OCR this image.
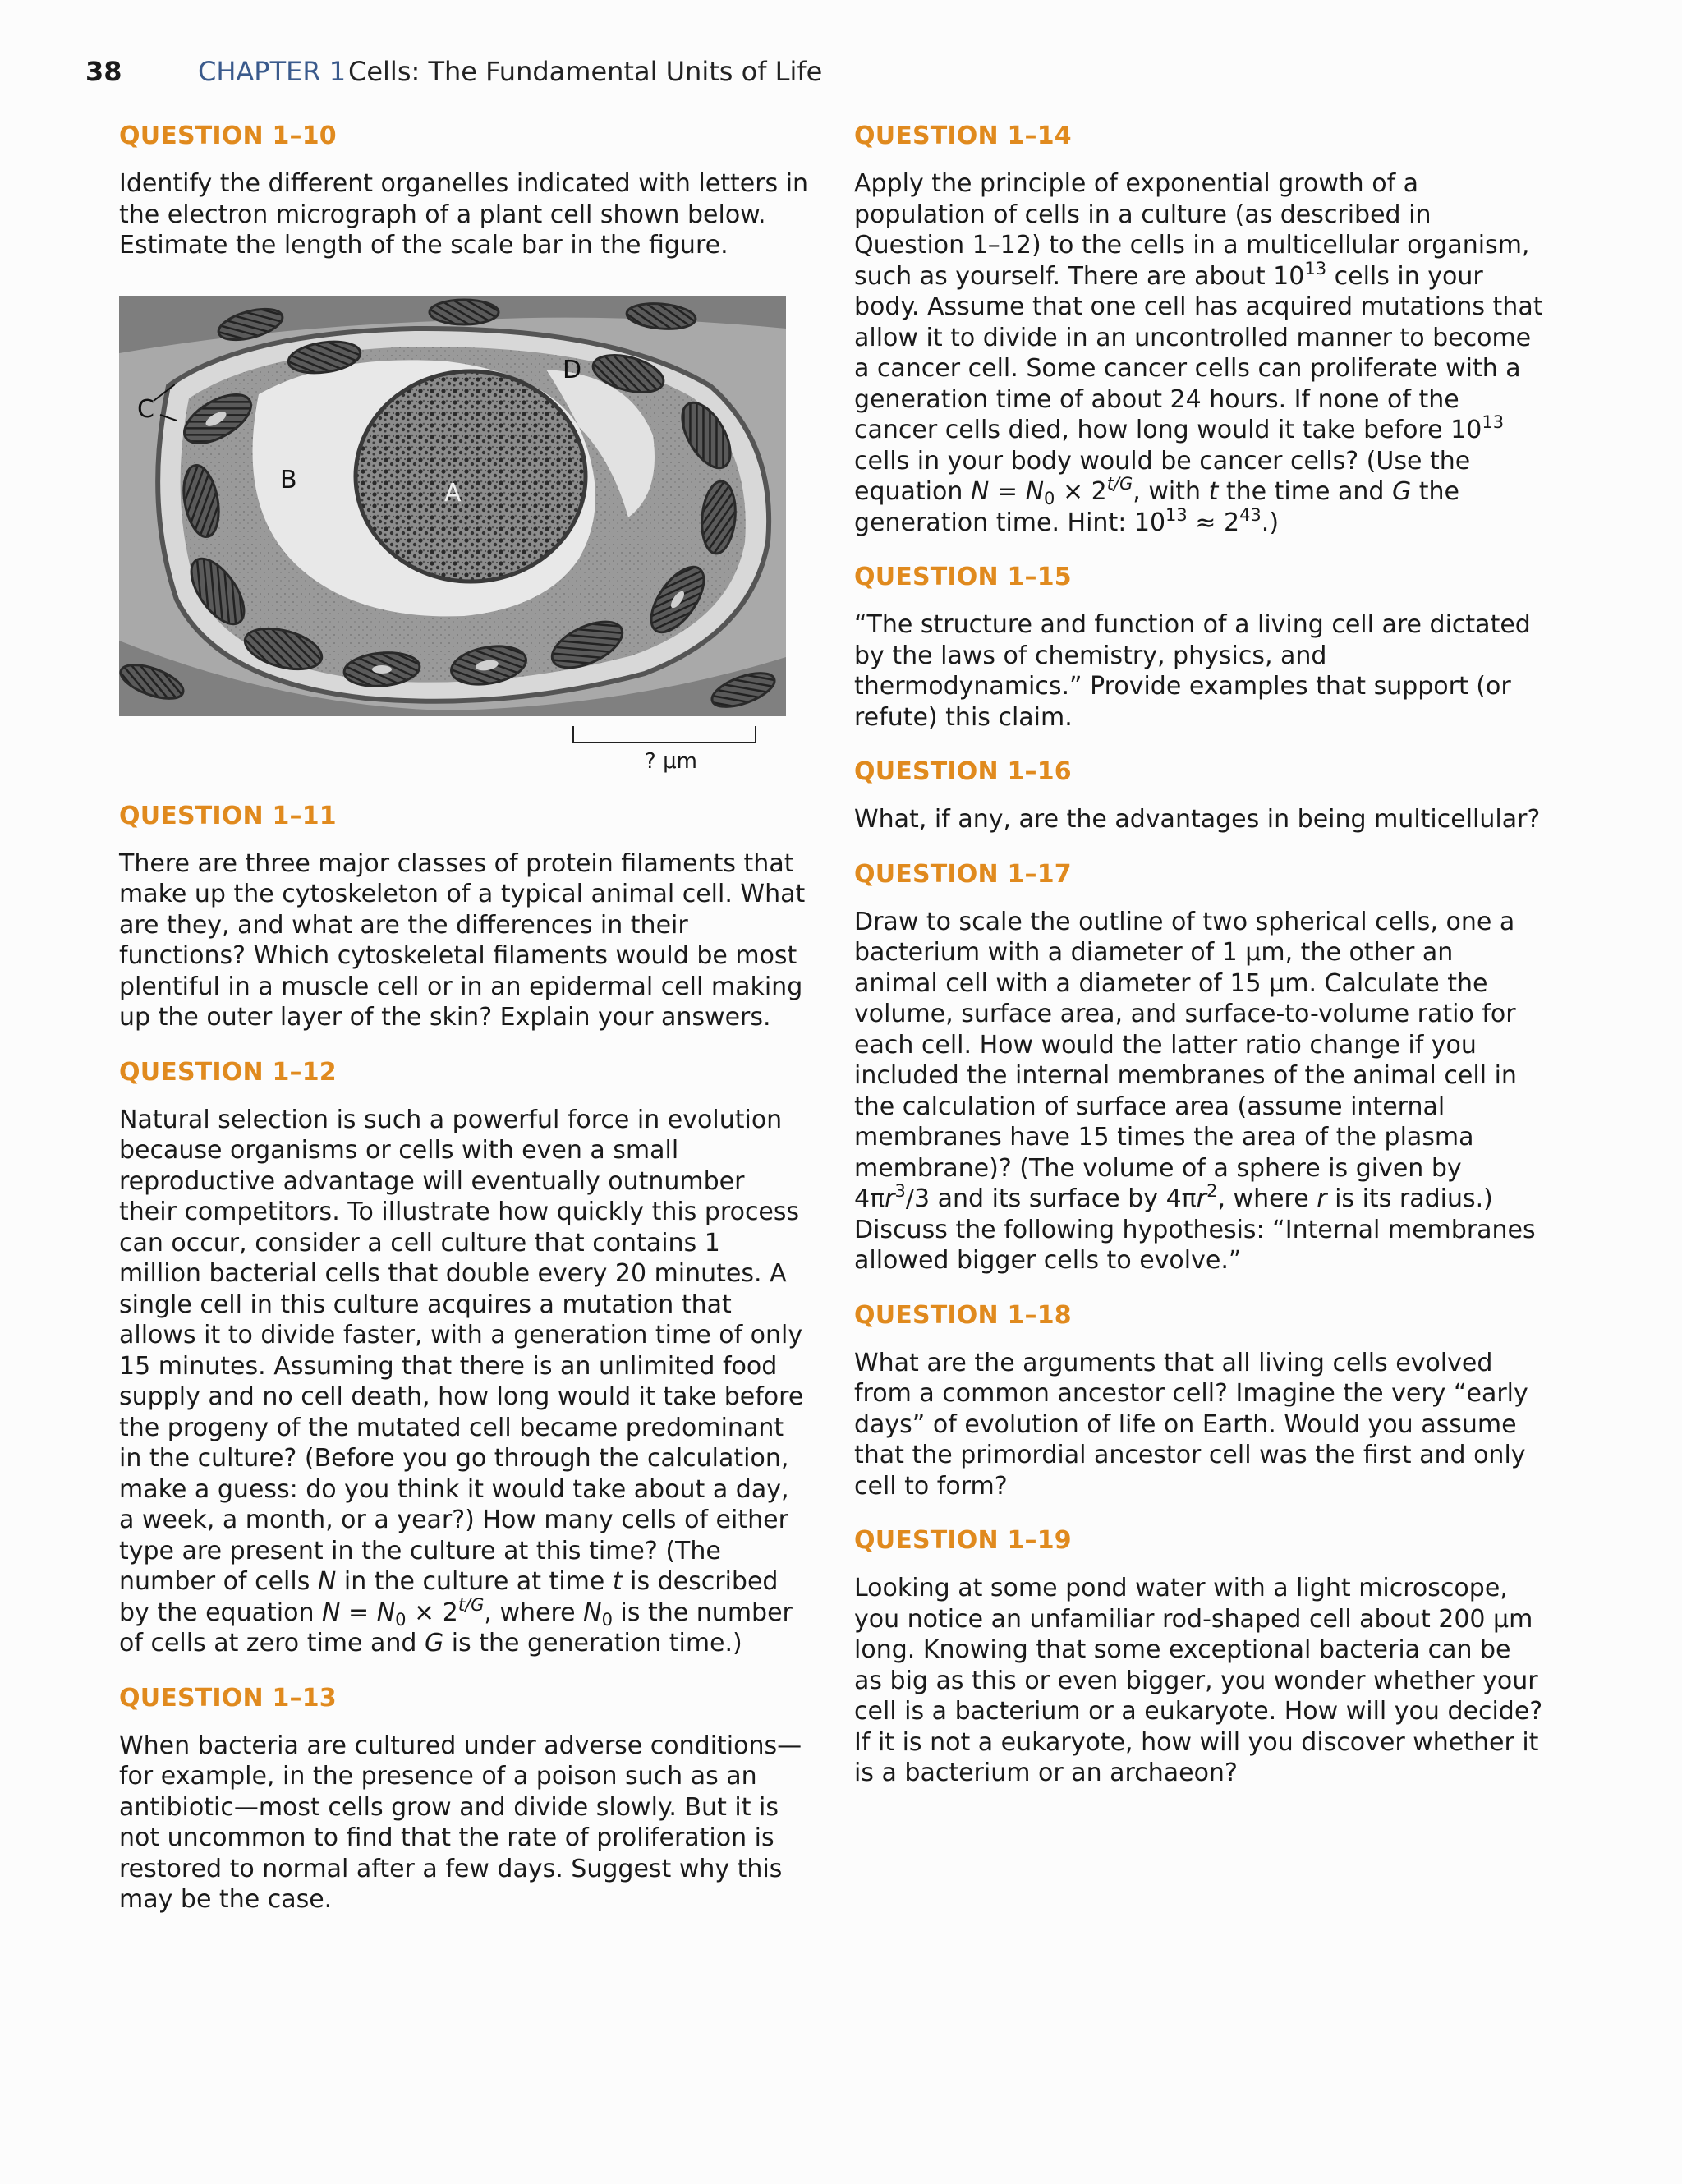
38	CHAPTER 1 Cells: The Fundamental Units of Life
QUESTION 1–10

Identify the different organelles indicated with letters in the electron micrograph of a plant cell shown below. Estimate the length of the scale bar in the figure.

A
B
C
D
? μm
QUESTION 1–11

There are three major classes of protein filaments that make up the cytoskeleton of a typical animal cell. What are they, and what are the differences in their functions? Which cytoskeletal filaments would be most plentiful in a muscle cell or in an epidermal cell making up the outer layer of the skin? Explain your answers.

QUESTION 1–12

Natural selection is such a powerful force in evolution because organisms or cells with even a small reproductive advantage will eventually outnumber their competitors. To illustrate how quickly this process can occur, consider a cell culture that contains 1 million bacterial cells that double every 20 minutes. A single cell in this culture acquires a mutation that allows it to divide faster, with a generation time of only 15 minutes. Assuming that there is an unlimited food supply and no cell death, how long would it take before the progeny of the mutated cell became predominant in the culture? (Before you go through the calculation, make a guess: do you think it would take about a day, a week, a month, or a year?) How many cells of either type are present in the culture at this time? (The number of cells N in the culture at time t is described by the equation $N = N_0 \times 2^{t/G}$, where $N_0$ is the number of cells at zero time and G is the generation time.)

QUESTION 1–13

When bacteria are cultured under adverse conditions—for example, in the presence of a poison such as an antibiotic—most cells grow and divide slowly. But it is not uncommon to find that the rate of proliferation is restored to normal after a few days. Suggest why this may be the case.

QUESTION 1–14

Apply the principle of exponential growth of a population of cells in a culture (as described in Question 1–12) to the cells in a multicellular organism, such as yourself. There are about $10^{13}$ cells in your body. Assume that one cell has acquired mutations that allow it to divide in an uncontrolled manner to become a cancer cell. Some cancer cells can proliferate with a generation time of about 24 hours. If none of the cancer cells died, how long would it take before $10^{13}$ cells in your body would be cancer cells? (Use the equation $N = N_0 \times 2^{t/G}$, with t the time and G the generation time. Hint: $10^{13} \approx 2^{43}$.)

QUESTION 1–15

“The structure and function of a living cell are dictated by the laws of chemistry, physics, and thermodynamics.” Provide examples that support (or refute) this claim.

QUESTION 1–16

What, if any, are the advantages in being multicellular?

QUESTION 1–17

Draw to scale the outline of two spherical cells, one a bacterium with a diameter of 1 μm, the other an animal cell with a diameter of 15 μm. Calculate the volume, surface area, and surface-to-volume ratio for each cell. How would the latter ratio change if you included the internal membranes of the animal cell in the calculation of surface area (assume internal membranes have 15 times the area of the plasma membrane)? (The volume of a sphere is given by $4\pi r^3/3$ and its surface by $4\pi r^2$, where r is its radius.) Discuss the following hypothesis: “Internal membranes allowed bigger cells to evolve.”

QUESTION 1–18

What are the arguments that all living cells evolved from a common ancestor cell? Imagine the very “early days” of evolution of life on Earth. Would you assume that the primordial ancestor cell was the first and only cell to form?

QUESTION 1–19

Looking at some pond water with a light microscope, you notice an unfamiliar rod-shaped cell about 200 μm long. Knowing that some exceptional bacteria can be as big as this or even bigger, you wonder whether your cell is a bacterium or a eukaryote. How will you decide? If it is not a eukaryote, how will you discover whether it is a bacterium or an archaeon?
